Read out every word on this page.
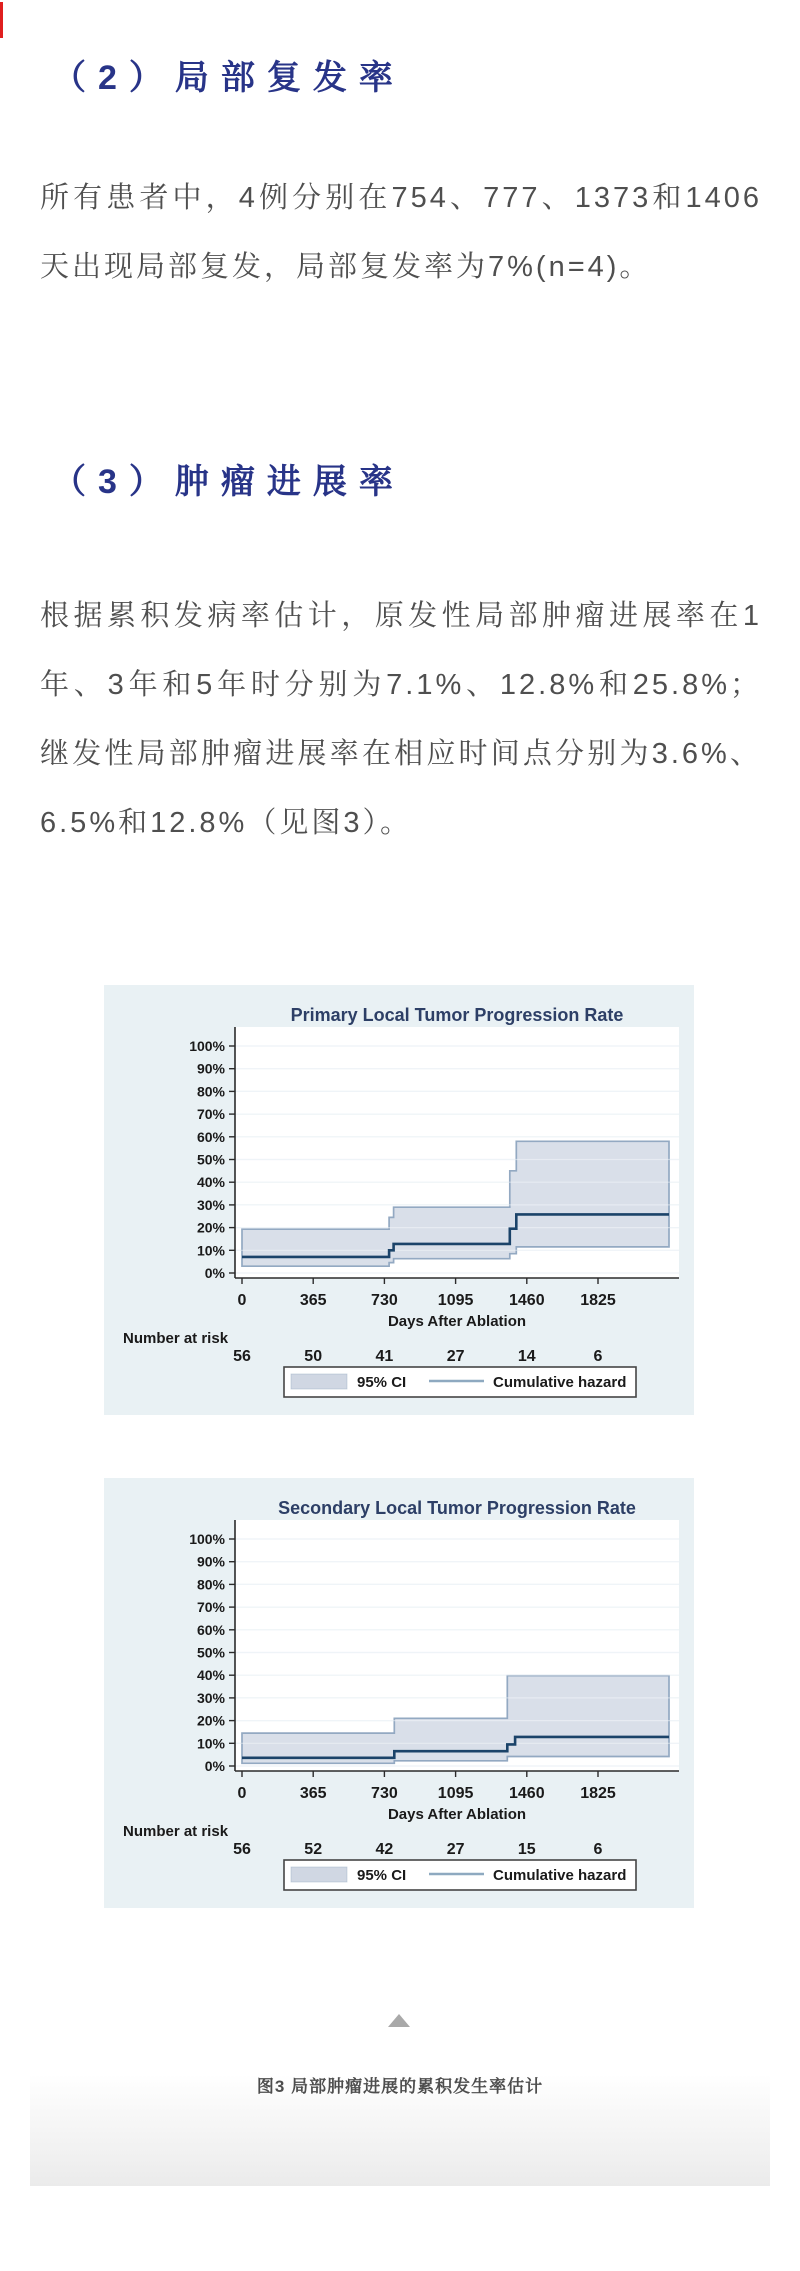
（2）局部复发率
所有患者中，4例分别在754、777、1373和1406天出现局部复发，局部复发率为7%(n=4)。
（3）肿瘤进展率
根据累积发病率估计，原发性局部肿瘤进展率在1年、3年和5年时分别为7.1%、12.8%和25.8%；继发性局部肿瘤进展率在相应时间点分别为3.6%、6.5%和12.8%（见图3）。
0%
10%
20%
30%
40%
50%
60%
70%
80%
90%
100%
0	365	730	1095 1460 1825
Primary Local Tumor Progression Rate
Days After Ablation
Number at risk
56	50	41	27	14	6
95% CI	Cumulative hazard
0%
10%
20%
30%
40%
50%
60%
70%
80%
90%
100%
0	365	730	1095 1460 1825
Secondary Local Tumor Progression Rate
Days After Ablation
Number at risk
56	52	42	27	15	6
95% CI	Cumulative hazard
图3 局部肿瘤进展的累积发生率估计
